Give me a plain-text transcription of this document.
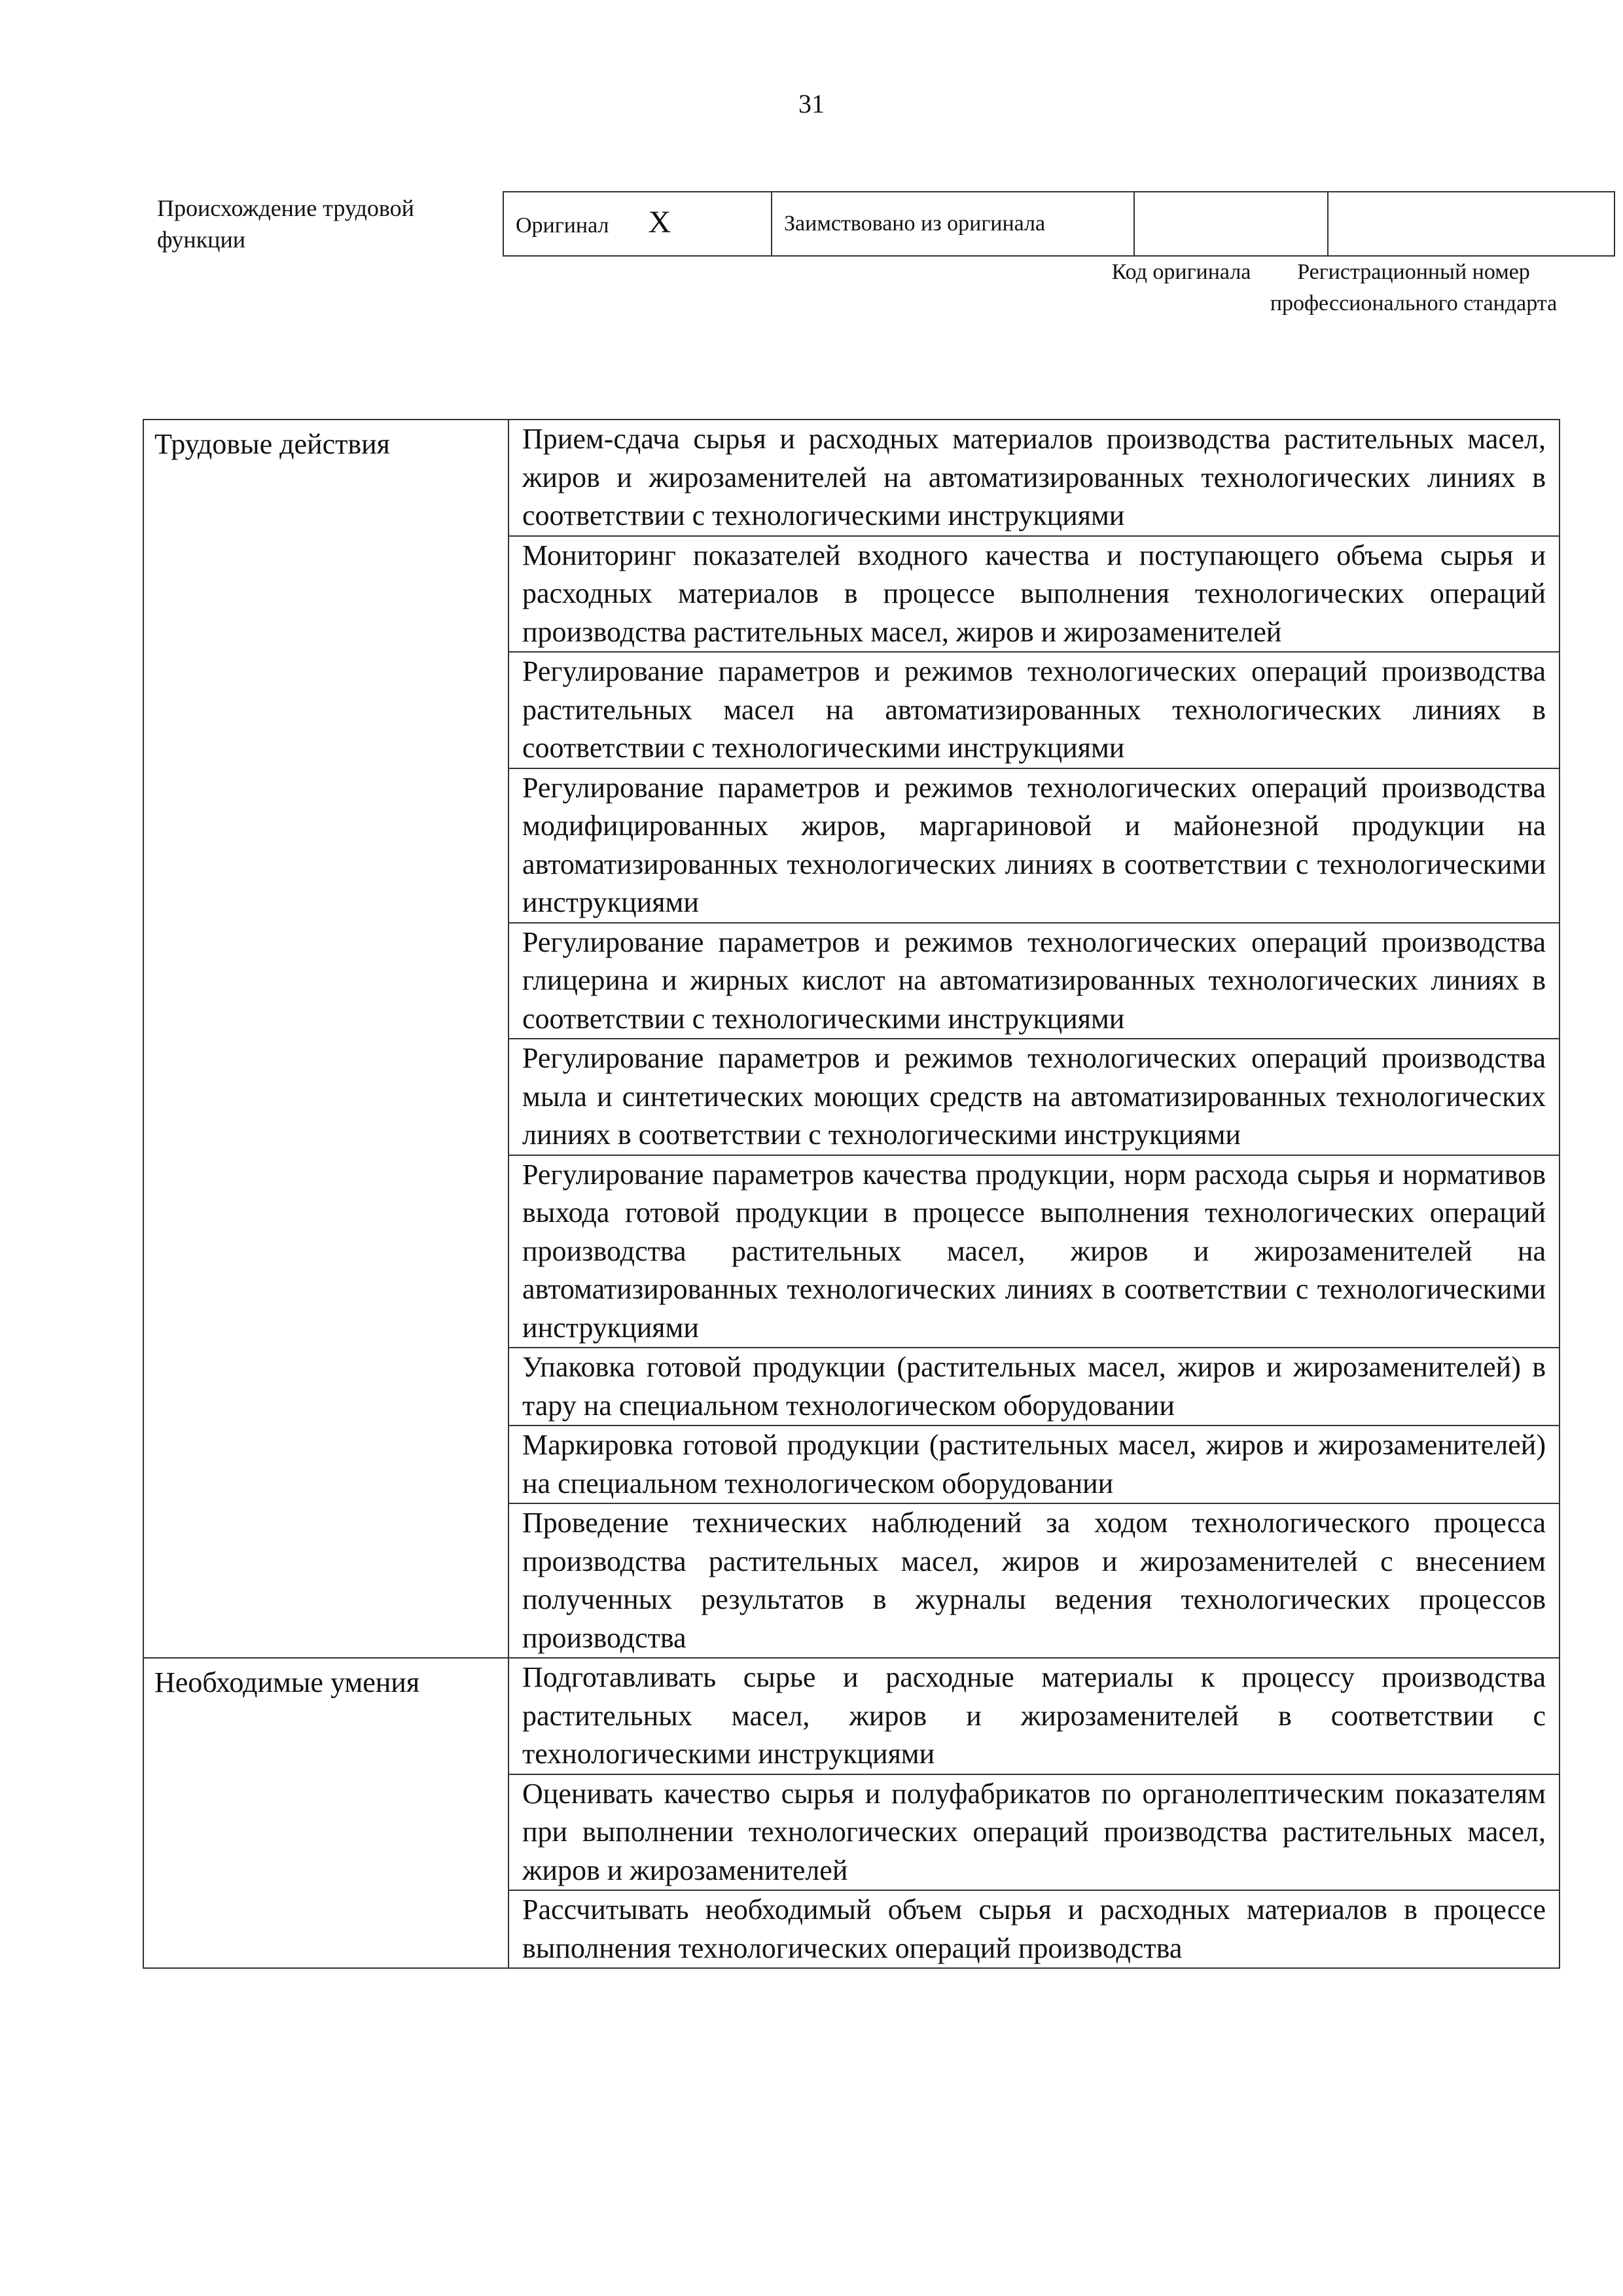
31
Происхождение трудовой функции
Оригинал X	Заимствовано из оригинала		
Код оригинала	Регистрационный номер профессионального стандарта
Трудовые действия	Прием-сдача сырья и расходных материалов производства растительных масел, жиров и жирозаменителей на автоматизированных технологических линиях в соответствии с технологическими инструкциями
	Мониторинг показателей входного качества и поступающего объема сырья и расходных материалов в процессе выполнения технологических операций производства растительных масел, жиров и жирозаменителей
	Регулирование параметров и режимов технологических операций производства растительных масел на автоматизированных технологических линиях в соответствии с технологическими инструкциями
	Регулирование параметров и режимов технологических операций производства модифицированных жиров, маргариновой и майонезной продукции на автоматизированных технологических линиях в соответствии с технологическими инструкциями
	Регулирование параметров и режимов технологических операций производства глицерина и жирных кислот на автоматизированных технологических линиях в соответствии с технологическими инструкциями
	Регулирование параметров и режимов технологических операций производства мыла и синтетических моющих средств на автоматизированных технологических линиях в соответствии с технологическими инструкциями
	Регулирование параметров качества продукции, норм расхода сырья и нормативов выхода готовой продукции в процессе выполнения технологических операций производства растительных масел, жиров и жирозаменителей на автоматизированных технологических линиях в соответствии с технологическими инструкциями
	Упаковка готовой продукции (растительных масел, жиров и жирозаменителей) в тару на специальном технологическом оборудовании
	Маркировка готовой продукции (растительных масел, жиров и жирозаменителей) на специальном технологическом оборудовании
	Проведение технических наблюдений за ходом технологического процесса производства растительных масел, жиров и жирозаменителей с внесением полученных результатов в журналы ведения технологических процессов производства
Необходимые умения	Подготавливать сырье и расходные материалы к процессу производства растительных масел, жиров и жирозаменителей в соответствии с технологическими инструкциями
	Оценивать качество сырья и полуфабрикатов по органолептическим показателям при выполнении технологических операций производства растительных масел, жиров и жирозаменителей
	Рассчитывать необходимый объем сырья и расходных материалов в процессе выполнения технологических операций производства
